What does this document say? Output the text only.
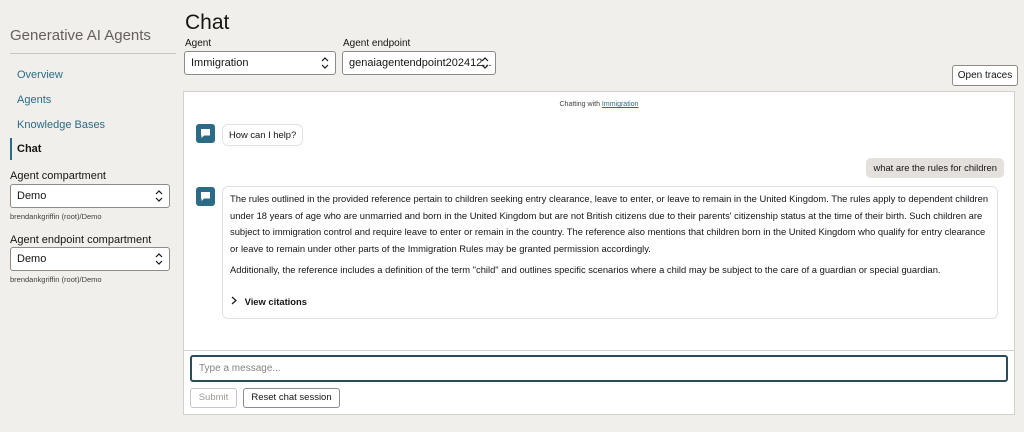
Generative AI Agents
Overview
Agents
Knowledge Bases
Chat
Agent compartment
Demo
brendankgriffin (root)/Demo
Agent endpoint compartment
Demo
brendankgriffin (root)/Demo
Chat
Agent
Immigration
Agent endpoint
genaiagentendpoint202412...
Open traces
Chatting with Immigration
How can I help?
what are the rules for children

The rules outlined in the provided reference pertain to children seeking entry clearance, leave to enter, or leave to remain in the United Kingdom. The rules apply to dependent children under 18 years of age who are unmarried and born in the United Kingdom but are not British citizens due to their parents' citizenship status at the time of their birth. Such children are subject to immigration control and require leave to enter or remain in the country. The reference also mentions that children born in the United Kingdom who qualify for entry clearance or leave to remain under other parts of the Immigration Rules may be granted permission accordingly.

Additionally, the reference includes a definition of the term "child" and outlines specific scenarios where a child may be subject to the care of a guardian or special guardian.

View citations
Type a message...
Submit	Reset chat session
